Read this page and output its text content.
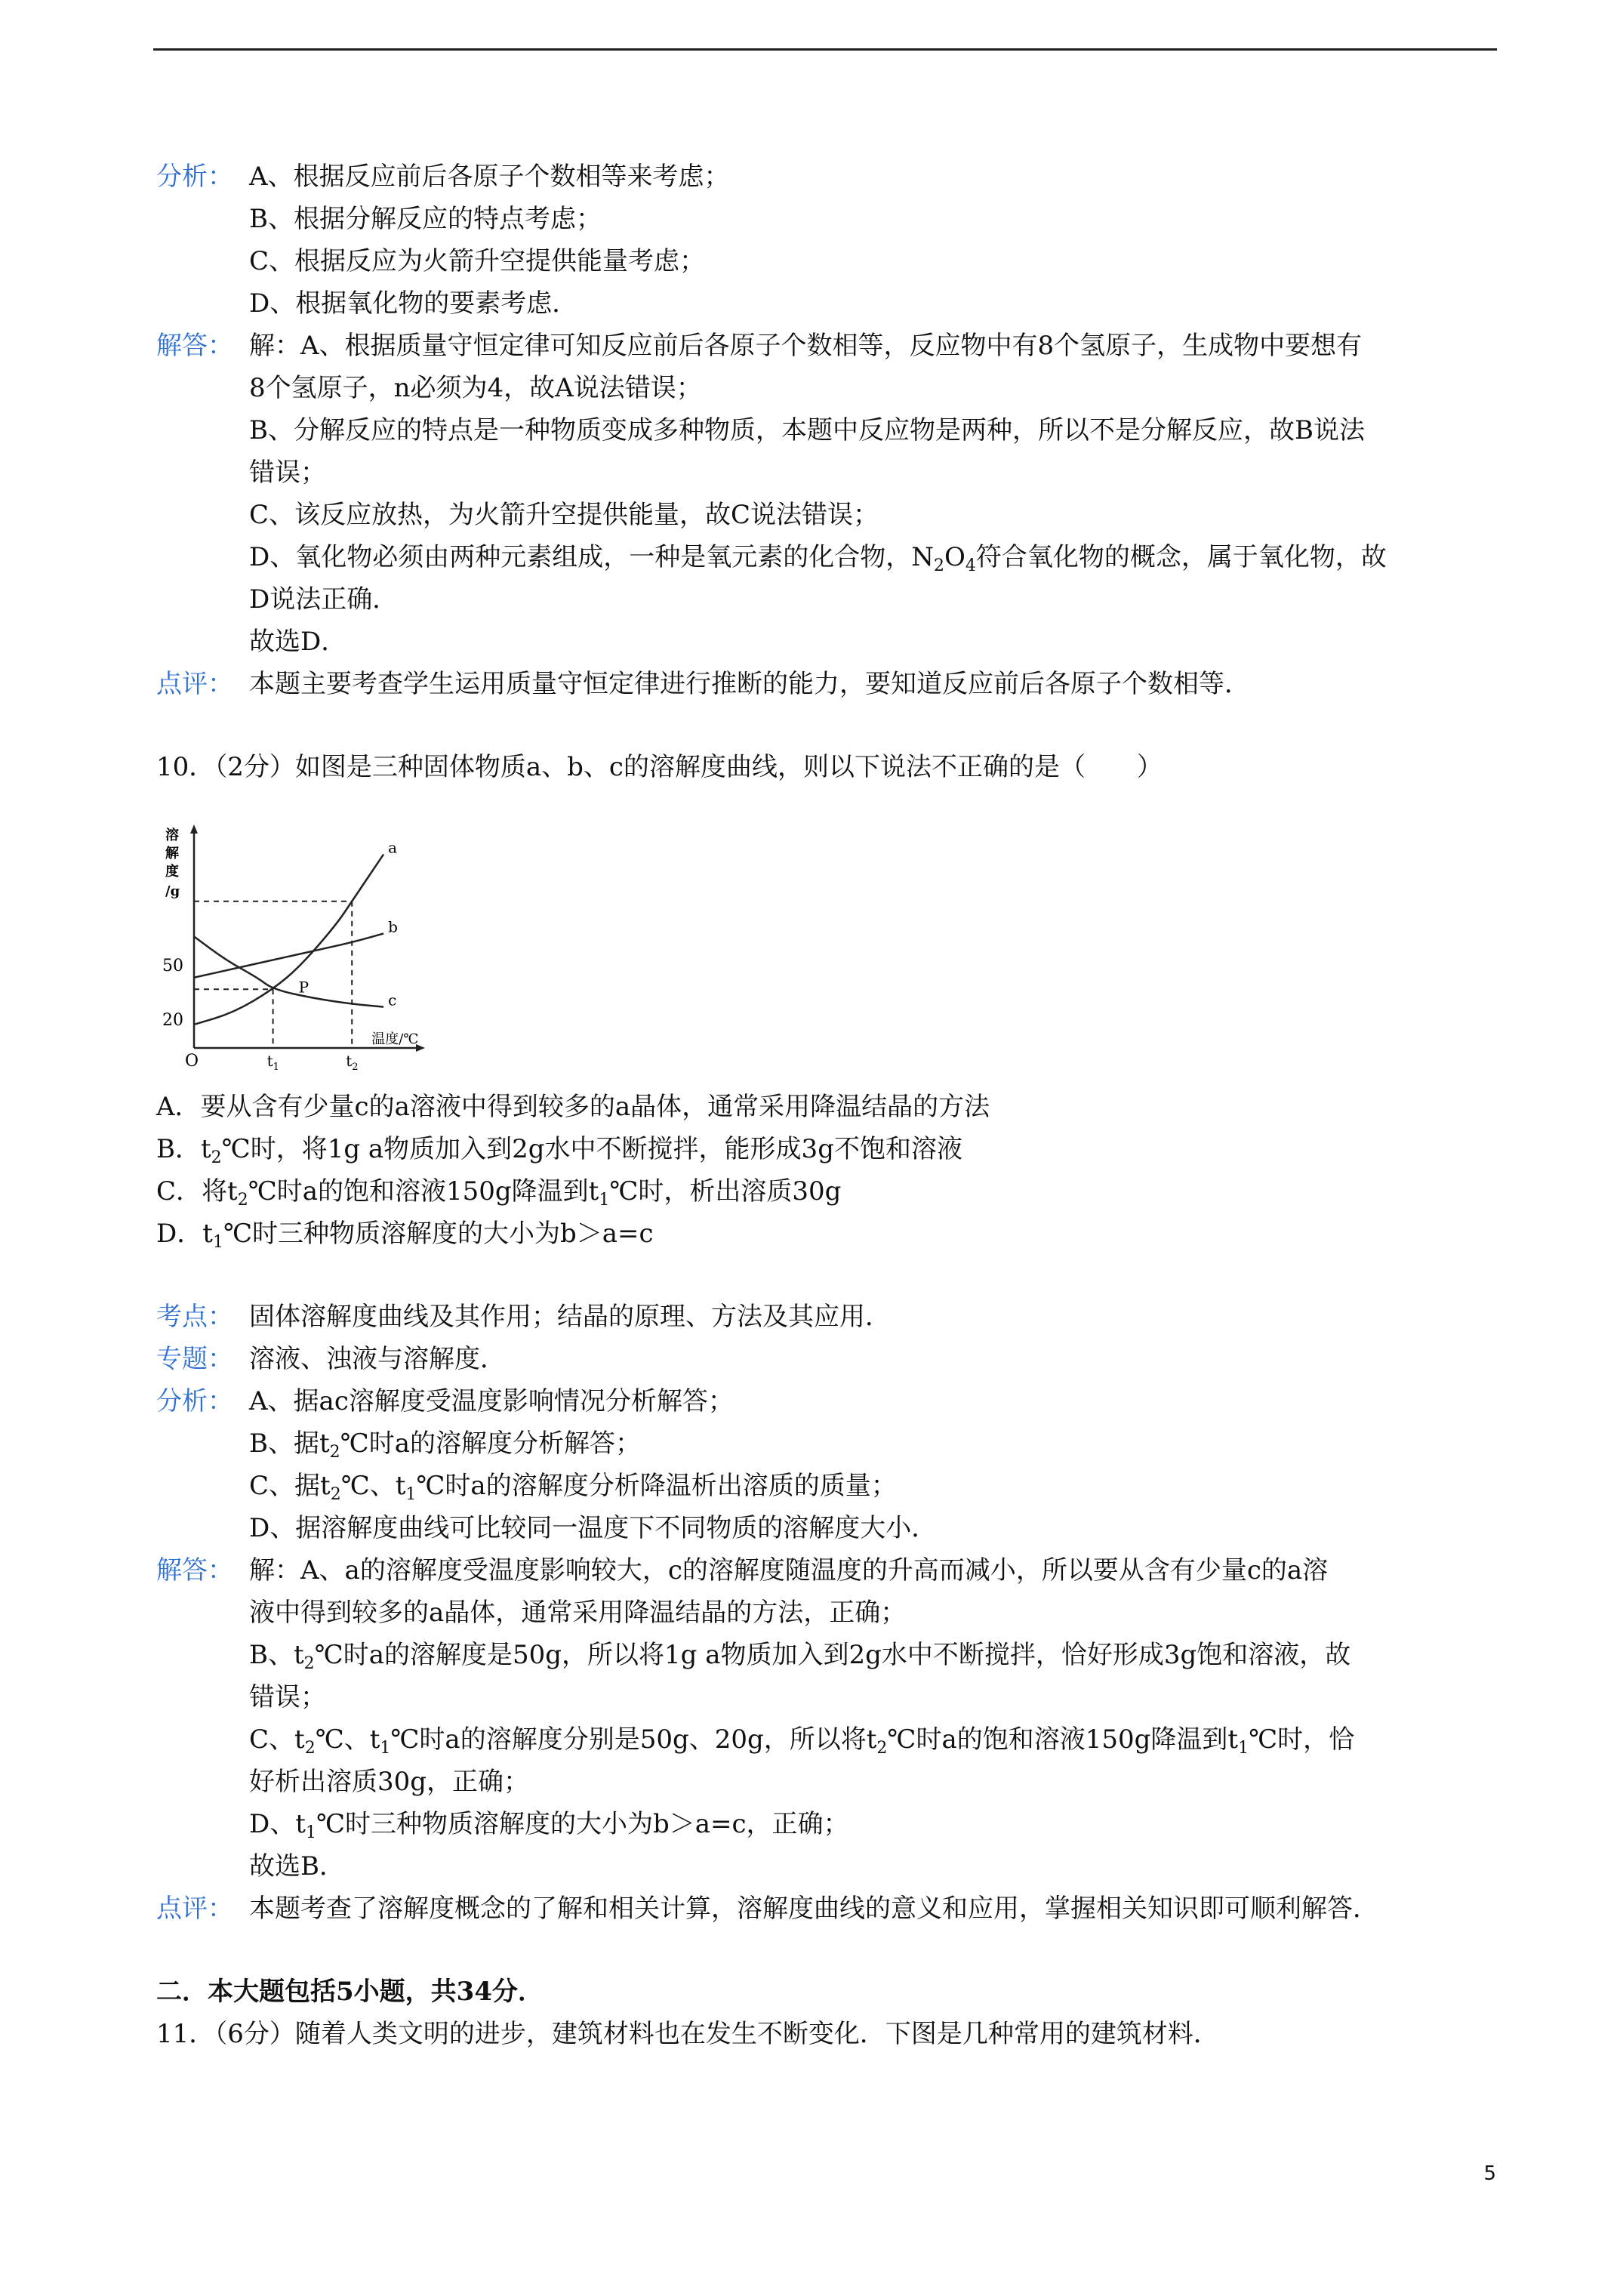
分析： A、根据反应前后各原子个数相等来考虑；
B、根据分解反应的特点考虑；
C、根据反应为火箭升空提供能量考虑；
D、根据氧化物的要素考虑．
解答： 解：A、根据质量守恒定律可知反应前后各原子个数相等，反应物中有8个氢原子，生成物中要想有
8个氢原子，n必须为4，故A说法错误；
B、分解反应的特点是一种物质变成多种物质，本题中反应物是两种，所以不是分解反应，故B说法
错误；
C、该反应放热，为火箭升空提供能量，故C说法错误；
D、氧化物必须由两种元素组成，一种是氧元素的化合物，$N_2O_4$符合氧化物的概念，属于氧化物，故
D说法正确．
故选D．
点评： 本题主要考查学生运用质量守恒定律进行推断的能力，要知道反应前后各原子个数相等．
10．（2分）如图是三种固体物质a、b、c的溶解度曲线，则以下说法不正确的是（　　）
50
20
O
溶解度/g
a
b
c
$t_1$	$t_2$
温度/℃
P
A．要从含有少量c的a溶液中得到较多的a晶体，通常采用降温结晶的方法
B．$t_2℃$时，将1g a物质加入到2g水中不断搅拌，能形成3g不饱和溶液
C．将$t_2℃$时a的饱和溶液150g降温到$t_1℃$时，析出溶质30g
D．$t_1℃$时三种物质溶解度的大小为b＞a=c
考点： 固体溶解度曲线及其作用；结晶的原理、方法及其应用．
专题： 溶液、浊液与溶解度．
分析： A、据ac溶解度受温度影响情况分析解答；
B、据$t_2℃$时a的溶解度分析解答；
C、据$t_2℃$、$t_1℃$时a的溶解度分析降温析出溶质的质量；
D、据溶解度曲线可比较同一温度下不同物质的溶解度大小．
解答： 解：A、a的溶解度受温度影响较大，c的溶解度随温度的升高而减小，所以要从含有少量c的a溶
液中得到较多的a晶体，通常采用降温结晶的方法，正确；
B、$t_2℃$时a的溶解度是50g，所以将1g a物质加入到2g水中不断搅拌，恰好形成3g饱和溶液，故
错误；
C、$t_2℃$、$t_1℃$时a的溶解度分别是50g、20g，所以将$t_2℃$时a的饱和溶液150g降温到$t_1℃$时，恰
好析出溶质30g，正确；
D、$t_1℃$时三种物质溶解度的大小为b＞a=c，正确；
故选B．
点评： 本题考查了溶解度概念的了解和相关计算，溶解度曲线的意义和应用，掌握相关知识即可顺利解答．
二．本大题包括5小题，共34分．
11．（6分）随着人类文明的进步，建筑材料也在发生不断变化．下图是几种常用的建筑材料．
5
